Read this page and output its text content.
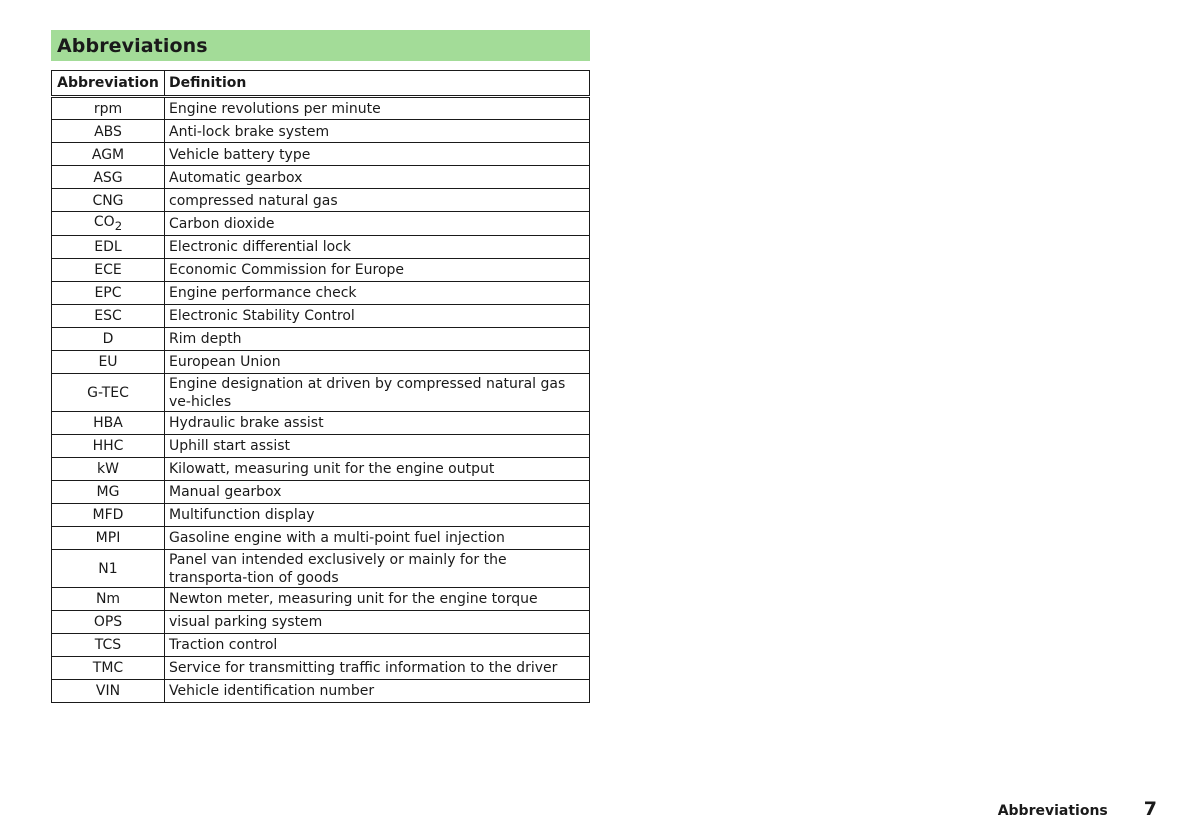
Abbreviations
Abbreviation	Definition
rpm	Engine revolutions per minute
ABS	Anti-lock brake system
AGM	Vehicle battery type
ASG	Automatic gearbox
CNG	compressed natural gas
$CO_2$	Carbon dioxide
EDL	Electronic differential lock
ECE	Economic Commission for Europe
EPC	Engine performance check
ESC	Electronic Stability Control
D	Rim depth
EU	European Union
G-TEC	Engine designation at driven by compressed natural gas ve-hicles
HBA	Hydraulic brake assist
HHC	Uphill start assist
kW	Kilowatt, measuring unit for the engine output
MG	Manual gearbox
MFD	Multifunction display
MPI	Gasoline engine with a multi-point fuel injection
N1	Panel van intended exclusively or mainly for the transporta-tion of goods
Nm	Newton meter, measuring unit for the engine torque
OPS	visual parking system
TCS	Traction control
TMC	Service for transmitting traffic information to the driver
VIN	Vehicle identification number
Abbreviations 7
